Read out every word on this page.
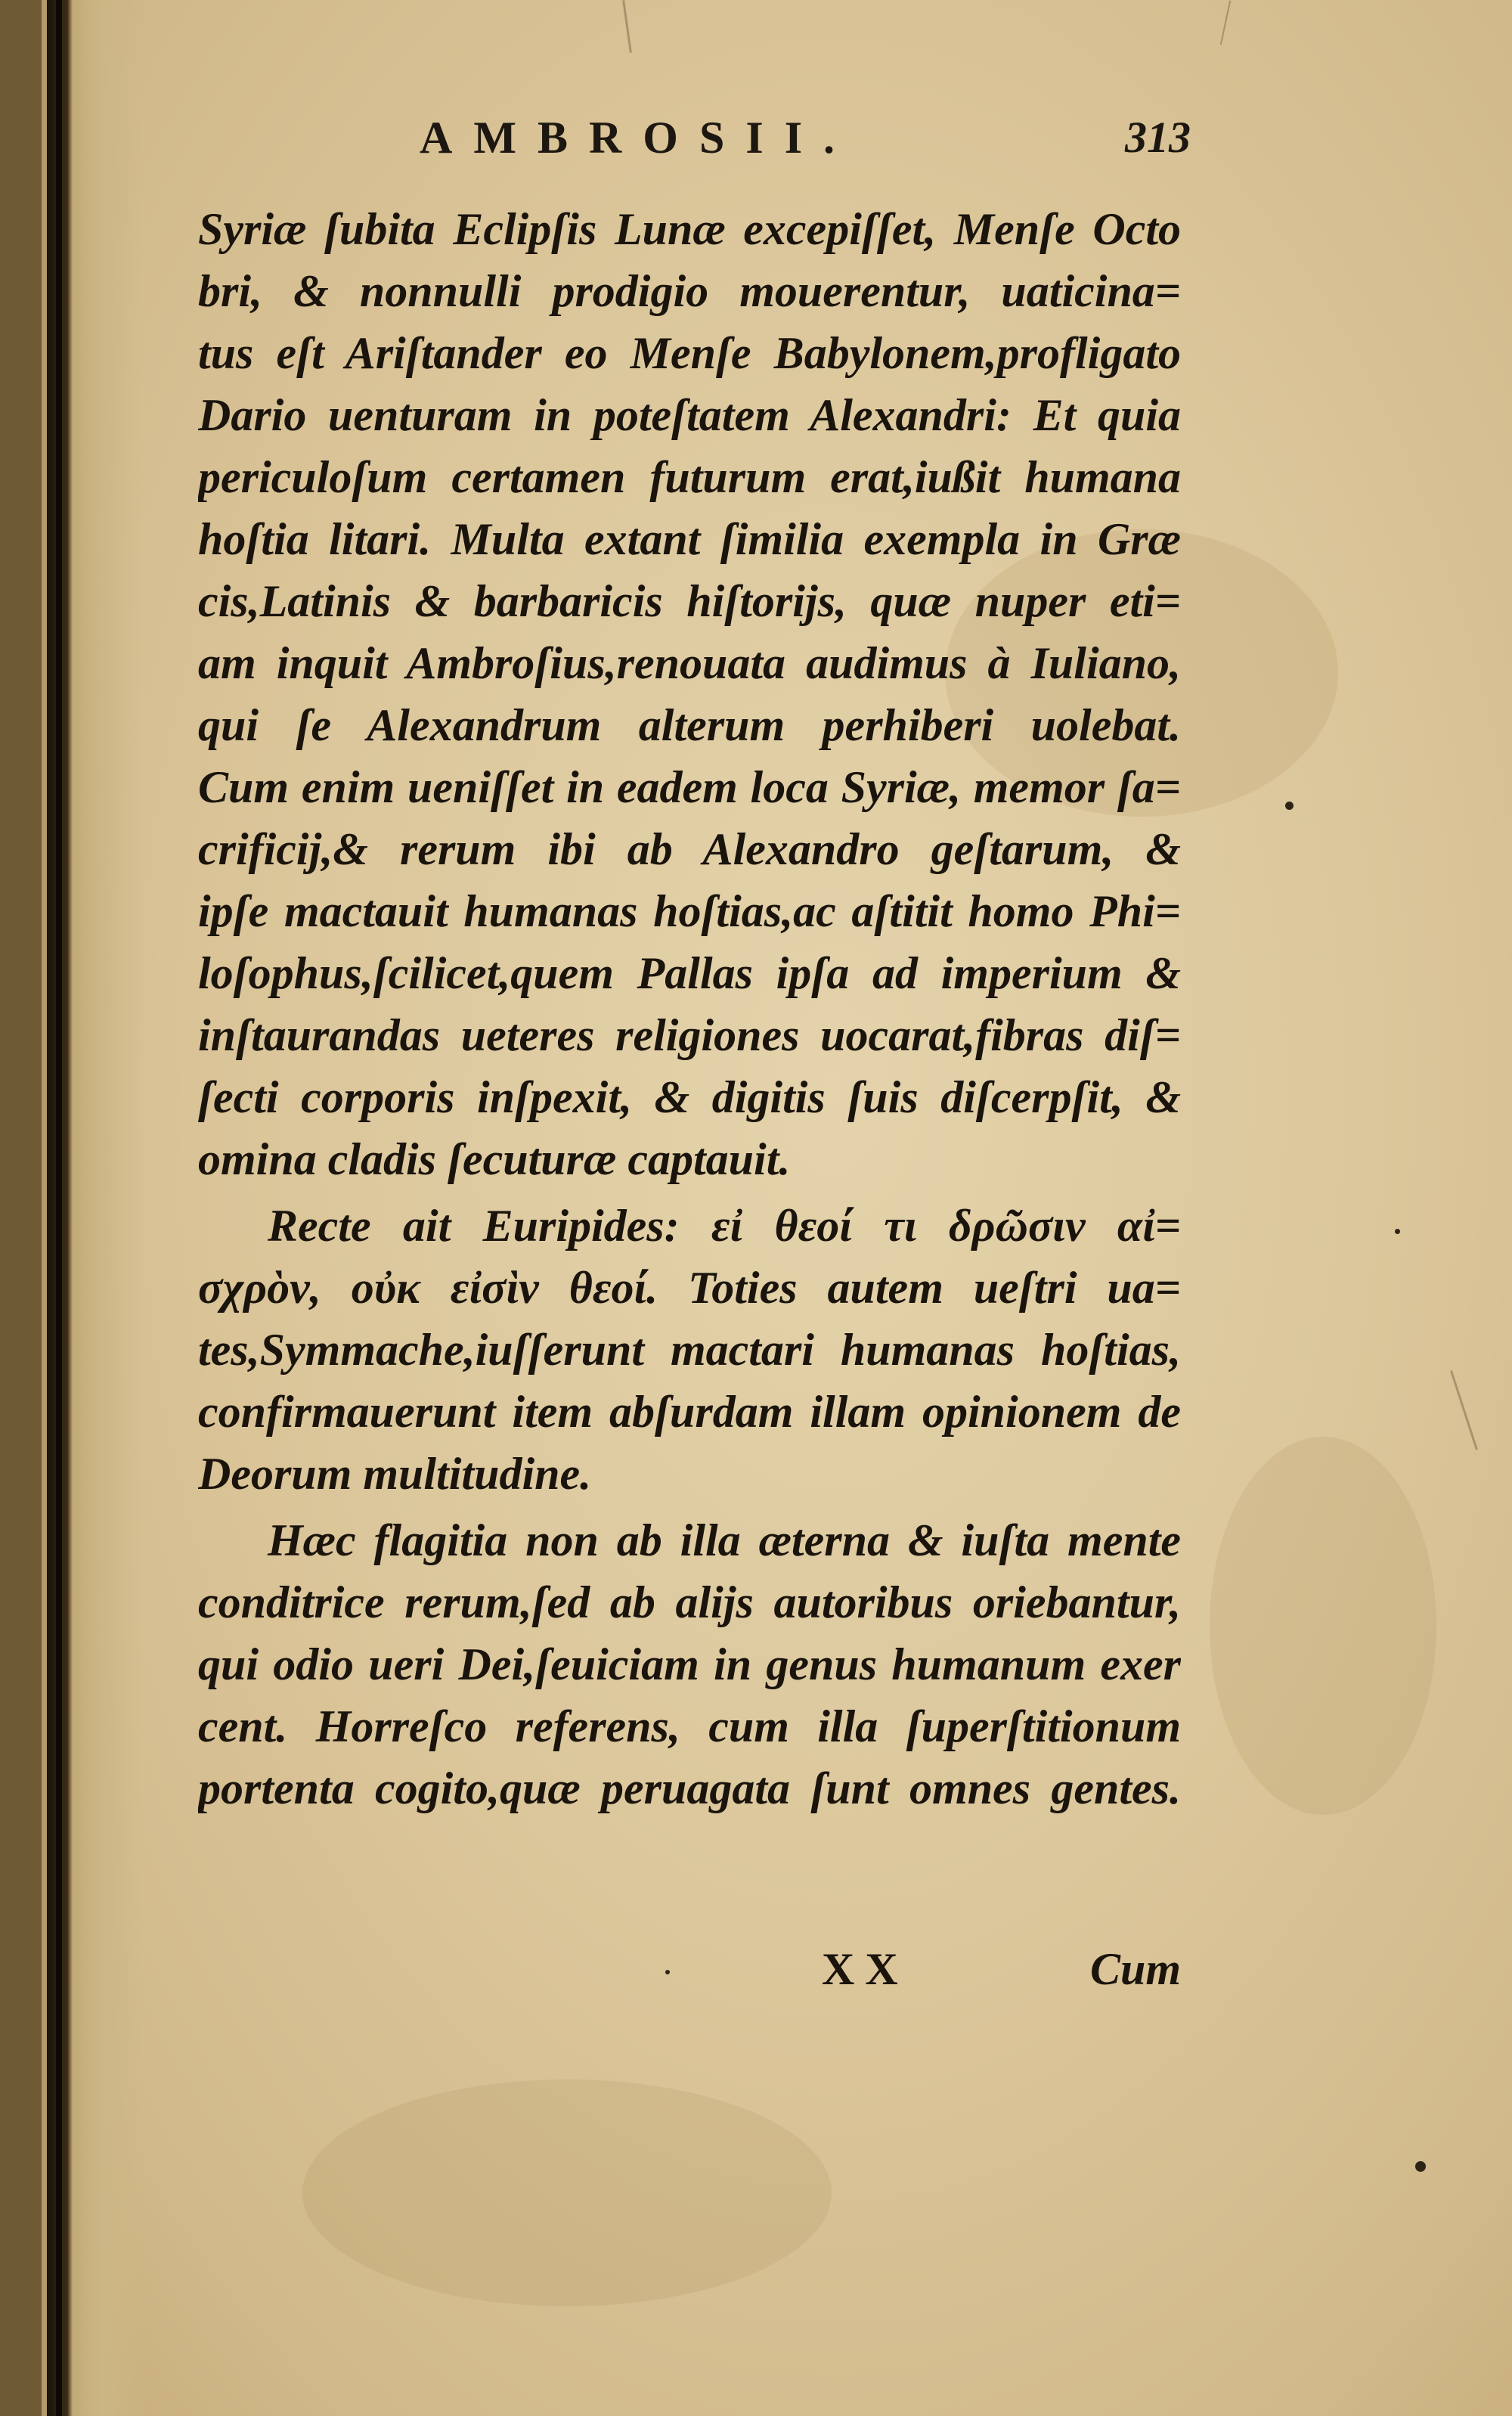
AMBROSII.	313
Syriæ ſubita Eclipſis Lunæ excepiſſet, Menſe Octo
bri, & nonnulli prodigio mouerentur, uaticina=
tus eſt Ariſtander eo Menſe Babylonem,profligato
Dario uenturam in poteſtatem Alexandri: Et quia
periculoſum certamen futurum erat,iußit humana
hoſtia litari. Multa extant ſimilia exempla in Græ
cis,Latinis & barbaricis hiſtorijs, quæ nuper eti=
am inquit Ambroſius,renouata audimus à Iuliano,
qui ſe Alexandrum alterum perhiberi uolebat.
Cum enim ueniſſet in eadem loca Syriæ, memor ſa=
crificij,& rerum ibi ab Alexandro geſtarum, &
ipſe mactauit humanas hoſtias,ac aſtitit homo Phi=
loſophus,ſcilicet,quem Pallas ipſa ad imperium &
inſtaurandas ueteres religiones uocarat,fibras diſ=
ſecti corporis inſpexit, & digitis ſuis diſcerpſit, &
omina cladis ſecuturæ captauit.
Recte ait Euripides: εἰ θεοί τι δρῶσιν αἰ=
σχρὸν, οὐκ εἰσὶν θεοί. Toties autem ueſtri ua=
tes,Symmache,iuſſerunt mactari humanas hoſtias,
confirmauerunt item abſurdam illam opinionem de
Deorum multitudine.
Hæc flagitia non ab illa æterna & iuſta mente
conditrice rerum,ſed ab alijs autoribus oriebantur,
qui odio ueri Dei,ſeuiciam in genus humanum exer
cent. Horreſco referens, cum illa ſuperſtitionum
portenta cogito,quæ peruagata ſunt omnes gentes.
XX	Cum
